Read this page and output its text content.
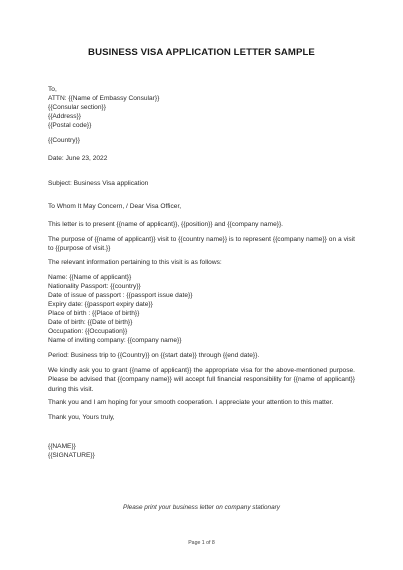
BUSINESS VISA APPLICATION LETTER SAMPLE
To,
ATTN: {{Name of Embassy Consular}}
{{Consular section}}
{{Address}}
{{Postal code}}
{{Country}}
Date: June 23, 2022
Subject: Business Visa application
To Whom It May Concern, / Dear Visa Officer,
This letter is to present {{name of applicant}}, {{position}} and {{company name}}.
The purpose of {{name of applicant}} visit to {{country name}} is to represent {{company name}} on a visit to {{purpose of visit.}}
The relevant information pertaining to this visit is as follows:
Name: {{Name of applicant}}
Nationality Passport: {{country}}
Date of issue of passport : {{passport issue date}}
Expiry date: {{passport expiry date}}
Place of birth : {{Place of birth}}
Date of birth: {{Date of birth}}
Occupation: {{Occupation}}
Name of inviting company: {{company name}}
Period: Business trip to {{Country}} on {{start date}} through {{end date}}.
We kindly ask you to grant {{name of applicant}} the appropriate visa for the above-mentioned purpose. Please be advised that {{company name}} will accept full financial responsibility for {{name of applicant}} during this visit.
Thank you and I am hoping for your smooth cooperation. I appreciate your attention to this matter.
Thank you, Yours truly,
{{NAME}}
{{SIGNATURE}}
Please print your business letter on company stationary
Page 1 of 8
